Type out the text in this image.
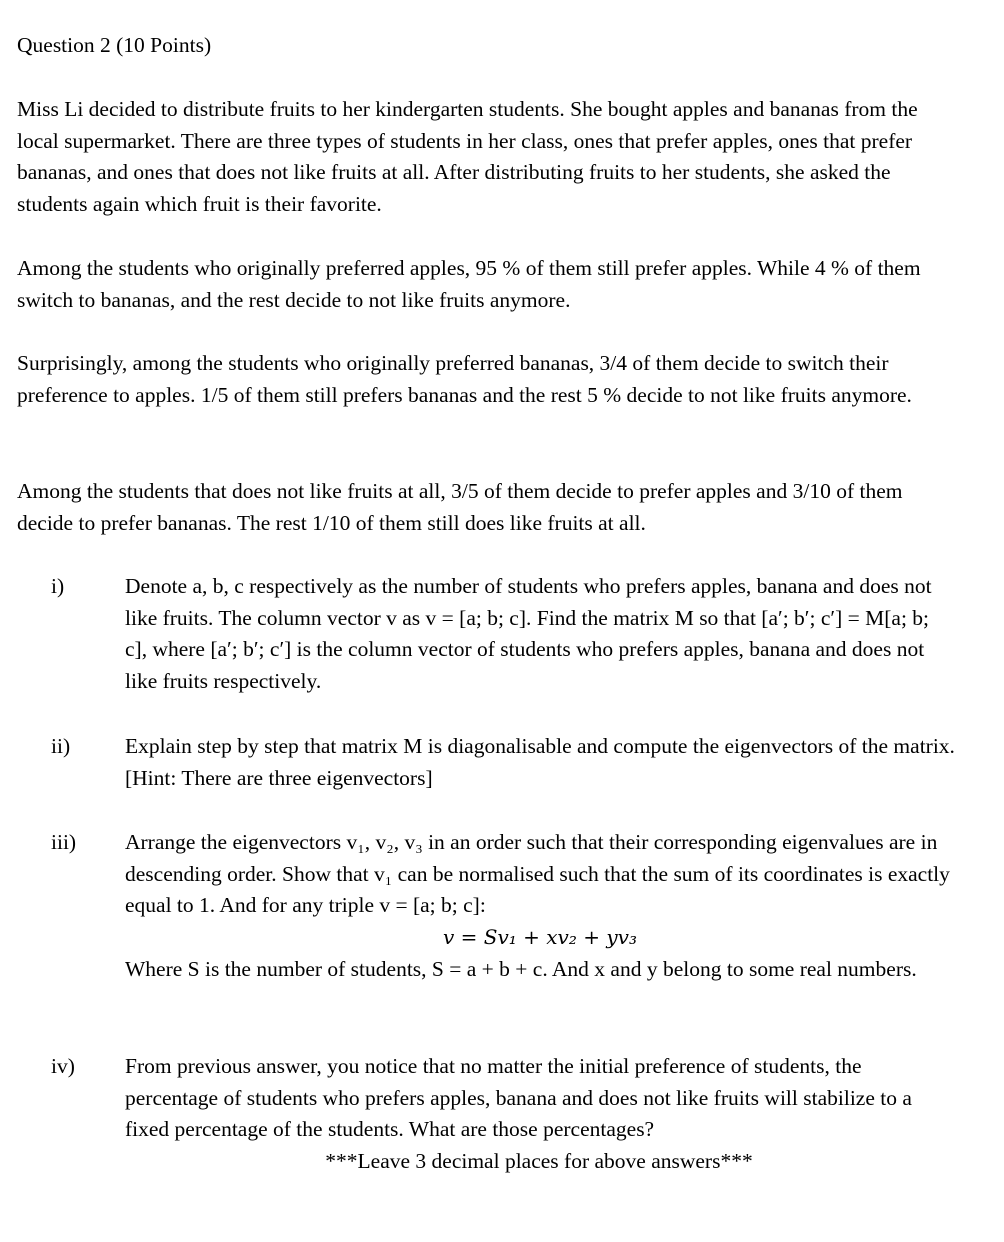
Question 2 (10 Points)

Miss Li decided to distribute fruits to her kindergarten students. She bought apples and bananas from the local supermarket. There are three types of students in her class, ones that prefer apples, ones that prefer bananas, and ones that does not like fruits at all. After distributing fruits to her students, she asked the students again which fruit is their favorite.

Among the students who originally preferred apples, 95 % of them still prefer apples. While 4 % of them switch to bananas, and the rest decide to not like fruits anymore.

Surprisingly, among the students who originally preferred bananas, 3/4 of them decide to switch their preference to apples. 1/5 of them still prefers bananas and the rest 5 % decide to not like fruits anymore.

Among the students that does not like fruits at all, 3/5 of them decide to prefer apples and 3/10 of them decide to prefer bananas. The rest 1/10 of them still does like fruits at all.

i)	Denote a, b, c respectively as the number of students who prefers apples, banana and does not like fruits. The column vector v as v = [a; b; c]. Find the matrix M so that [a′; b′; c′] = M[a; b; c], where [a′; b′; c′] is the column vector of students who prefers apples, banana and does not like fruits respectively.

ii)	Explain step by step that matrix M is diagonalisable and compute the eigenvectors of the matrix. [Hint: There are three eigenvectors]

iii) Arrange the eigenvectors v₁, v₂, v₃ in an order such that their corresponding eigenvalues are in descending order. Show that v₁ can be normalised such that the sum of its coordinates is exactly equal to 1. And for any triple v = [a; b; c]:
v = Sv₁ + xv₂ + yv₃
Where S is the number of students, S = a + b + c. And x and y belong to some real numbers.

iv) From previous answer, you notice that no matter the initial preference of students, the percentage of students who prefers apples, banana and does not like fruits will stabilize to a fixed percentage of the students. What are those percentages?

***Leave 3 decimal places for above answers***
